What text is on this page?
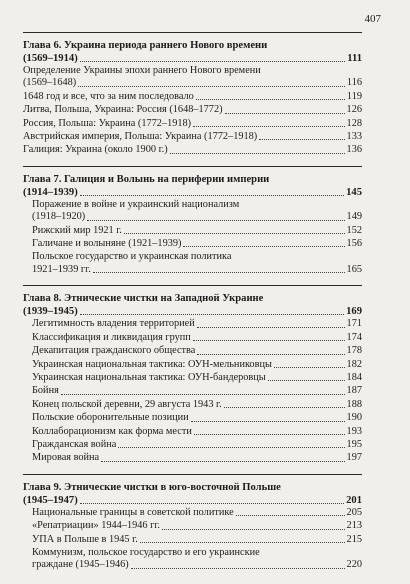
407
Глава 6. Украина периода раннего Нового времени
(1569–1914)	111
Определение Украины эпохи раннего Нового времени
(1569–1648)	116
1648 год и все, что за ним последовало	119
Литва, Польша, Украина: Россия (1648–1772)	126
Россия, Польша: Украина (1772–1918)	128
Австрийская империя, Польша: Украина (1772–1918)	133
Галиция: Украина (около 1900 г.)	136
Глава 7. Галиция и Волынь на периферии империи
(1914–1939)	145
Поражение в войне и украинский национализм
(1918–1920)	149
Рижский мир 1921 г.	152
Галичане и волыняне (1921–1939)	156
Польское государство и украинская политика
1921–1939 гг.	165
Глава 8. Этнические чистки на Западной Украине
(1939–1945)	169
Легитимность владения территорией	171
Классификация и ликвидация групп	174
Декапитация гражданского общества	178
Украинская национальная тактика: ОУН-мельниковцы	182
Украинская национальная тактика: ОУН-бандеровцы	184
Бойня	187
Конец польской деревни, 29 августа 1943 г.	188
Польские оборонительные позиции	190
Коллаборационизм как форма мести	193
Гражданская война	195
Мировая война	197
Глава 9. Этнические чистки в юго-восточной Польше
(1945–1947)	201
Национальные границы в советской политике	205
«Репатриации» 1944–1946 гг.	213
УПА в Польше в 1945 г.	215
Коммунизм, польское государство и его украинские
граждане (1945–1946)	220
